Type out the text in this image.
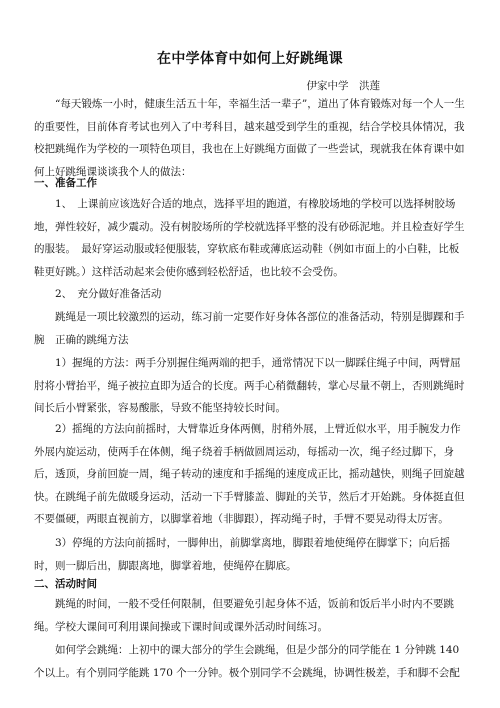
在中学体育中如何上好跳绳课
伊家中学　洪莲
“每天锻炼一小时，健康生活五十年，幸福生活一辈子”，道出了体育锻炼对每一个人一生的重要性，目前体育考试也列入了中考科目，越来越受到学生的重视，结合学校具体情况，我校把跳绳作为学校的一项特色项目，我也在上好跳绳方面做了一些尝试，现就我在体育课中如何上好跳绳课谈谈我个人的做法：
一、准备工作
1、　上课前应该选好合适的地点，选择平坦的跑道，有橡胶场地的学校可以选择树胶场地，弹性较好，减少震动。没有树胶场所的学校就选择平整的没有砂砾泥地。并且检查好学生的服装。　最好穿运动服或轻便服装，穿软底布鞋或薄底运动鞋（例如市面上的小白鞋，比板鞋更好跳。）这样活动起来会使你感到轻松舒适，也比较不会受伤。
2、　充分做好准备活动
跳绳是一项比较激烈的运动，练习前一定要作好身体各部位的准备活动，特别是脚踝和手腕　正确的跳绳方法
1）握绳的方法：两手分别握住绳两端的把手，通常情况下以一脚踩住绳子中间，两臂屈肘将小臂抬平，绳子被拉直即为适合的长度。两手心稍微翻转，掌心尽量不朝上，否则跳绳时间长后小臂紧张，容易酸胀，导致不能坚持较长时间。
2）摇绳的方法向前摇时，大臂靠近身体两侧，肘稍外展，上臂近似水平，用手腕发力作外展内旋运动，使两手在体侧，绳子绕着手柄做圆周运动，每摇动一次，绳子经过脚下，身后，透顶，身前回旋一周，绳子转动的速度和手摇绳的速度成正比，摇动越快，则绳子回旋越快。在跳绳子前先做暖身运动，活动一下手臂膝盖、脚趾的关节，然后才开始跳。身体挺直但不要僵硬，两眼直视前方，以脚掌着地（非脚跟），挥动绳子时，手臂不要晃动得太厉害。
3）停绳的方法向前摇时，一脚伸出，前脚掌离地，脚跟着地使绳停在脚掌下；向后摇时，则一脚后出，脚跟离地，脚掌着地，使绳停在脚底。
二、活动时间
跳绳的时间，一般不受任何限制，但要避免引起身体不适，饭前和饭后半小时内不要跳绳。学校大课间可利用课间操或下课时间或课外活动时间练习。
如何学会跳绳：上初中的课大部分的学生会跳绳，但是少部分的同学能在 1 分钟跳 140 个以上。有个别同学能跳 170 个一分钟。极个别同学不会跳绳，协调性极差，手和脚不会配
